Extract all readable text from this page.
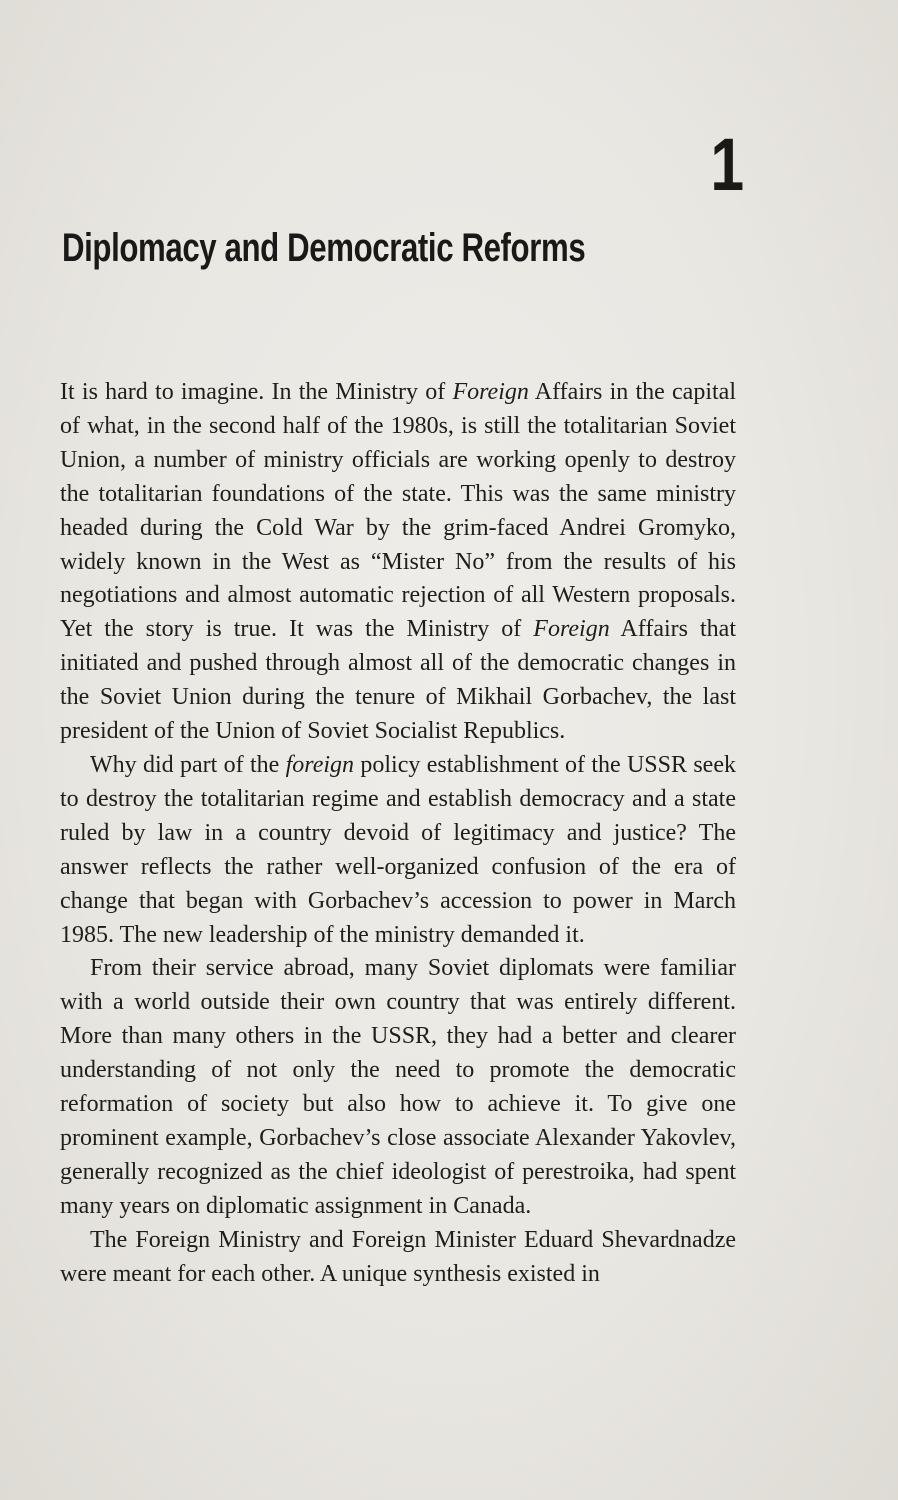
1
Diplomacy and Democratic Reforms

It is hard to imagine. In the Ministry of Foreign Affairs in the capital of what, in the second half of the 1980s, is still the totalitarian Soviet Union, a number of ministry officials are working openly to destroy the totalitarian foundations of the state. This was the same ministry headed during the Cold War by the grim-faced Andrei Gromyko, widely known in the West as “Mister No” from the results of his negotiations and almost automatic rejection of all Western proposals. Yet the story is true. It was the Ministry of Foreign Affairs that initiated and pushed through almost all of the democratic changes in the Soviet Union during the tenure of Mikhail Gorbachev, the last president of the Union of Soviet Socialist Republics.

Why did part of the foreign policy establishment of the USSR seek to destroy the totalitarian regime and establish democracy and a state ruled by law in a country devoid of legitimacy and justice? The answer reflects the rather well-organized confusion of the era of change that began with Gorbachev’s accession to power in March 1985. The new leadership of the ministry demanded it.

From their service abroad, many Soviet diplomats were familiar with a world outside their own country that was entirely different. More than many others in the USSR, they had a better and clearer understanding of not only the need to promote the democratic reformation of society but also how to achieve it. To give one prominent example, Gorbachev’s close associate Alexander Yakovlev, generally recognized as the chief ideologist of perestroika, had spent many years on diplomatic assignment in Canada.

The Foreign Ministry and Foreign Minister Eduard Shevardnadze were meant for each other. A unique synthesis existed in
